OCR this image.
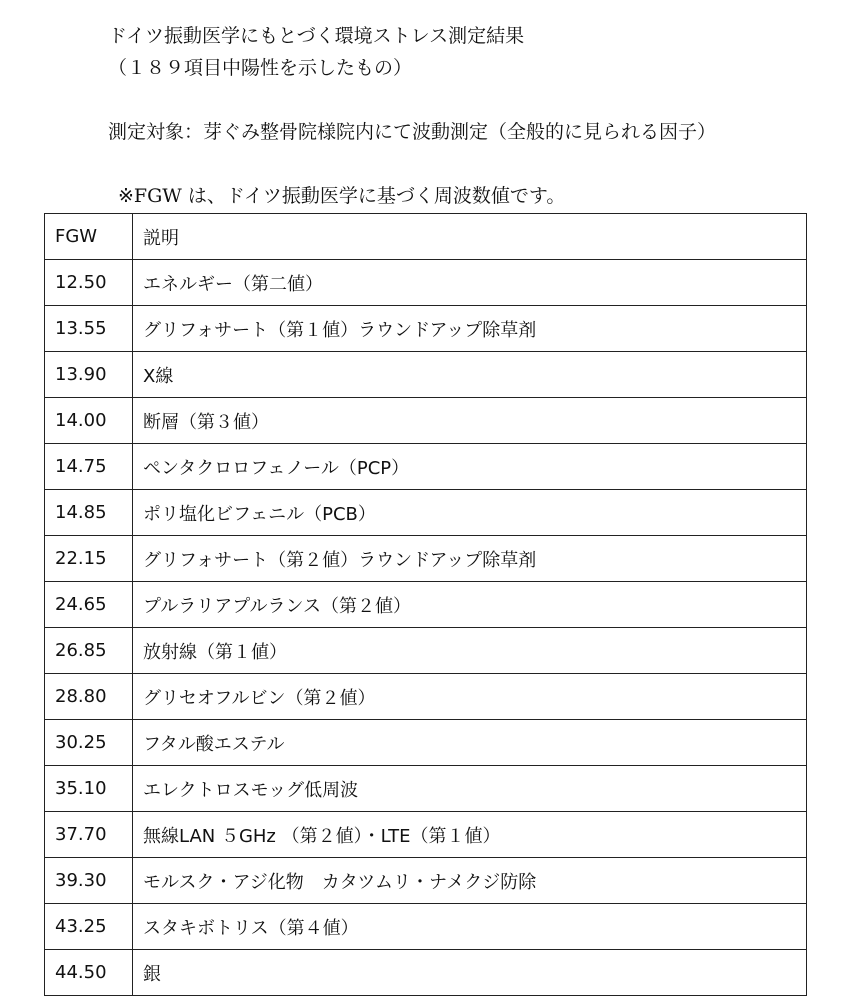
ドイツ振動医学にもとづく環境ストレス測定結果
（１８９項目中陽性を示したもの）
測定対象：芽ぐみ整骨院様院内にて波動測定（全般的に見られる因子）
※FGW は、ドイツ振動医学に基づく周波数値です。
FGW	説明
12.50	エネルギー（第二値）
13.55	グリフォサート（第１値）ラウンドアップ除草剤
13.90	X線
14.00	断層（第３値）
14.75	ペンタクロロフェノール（PCP）
14.85	ポリ塩化ビフェニル（PCB）
22.15	グリフォサート（第２値）ラウンドアップ除草剤
24.65	プルラリアプルランス（第２値）
26.85	放射線（第１値）
28.80	グリセオフルビン（第２値）
30.25	フタル酸エステル
35.10	エレクトロスモッグ低周波
37.70	無線LAN ５GHz （第２値）・LTE（第１値）
39.30	モルスク・アジ化物　カタツムリ・ナメクジ防除
43.25	スタキボトリス（第４値）
44.50	銀
